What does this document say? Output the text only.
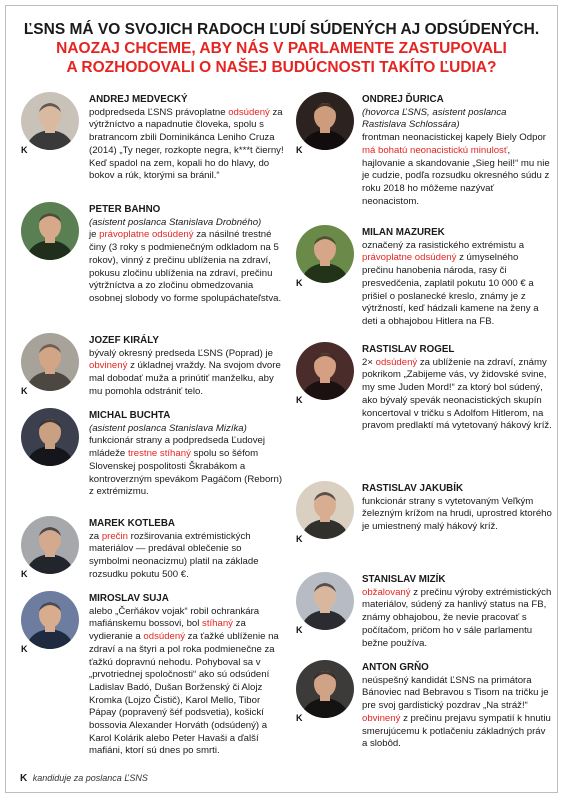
ĽSNS MÁ VO SVOJICH RADOCH ĽUDÍ SÚDENÝCH AJ ODSÚDENÝCH.
NAOZAJ CHCEME, ABY NÁS V PARLAMENTE ZASTUPOVALI
A ROZHODOVALI O NAŠEJ BUDÚCNOSTI TAKÍTO ĽUDIA?
K
ANDREJ MEDVECKÝ
podpredseda ĽSNS právoplatne odsúdený za výtržníctvo a napadnutie človeka, spolu s bratrancom zbili Dominikánca Leniho Cruza (2014) „Ty neger, rozkopte negra, k***t čierny! Keď spadol na zem, kopali ho do hlavy, do bokov a rúk, ktorými sa bránil.“
PETER BAHNO
(asistent poslanca Stanislava Drobného)
je právoplatne odsúdený za násilné trestné činy (3 roky s podmienečným odkladom na 5 rokov), vinný z prečinu ublíženia na zdraví, pokusu zločinu ublíženia na zdraví, prečinu výtržníctva a zo zločinu obmedzovania osobnej slobody vo forme spolupáchateľstva.
K
JOZEF KIRÁLY
bývalý okresný predseda ĽSNS (Poprad) je obvinený z úkladnej vraždy. Na svojom dvore mal dobodať muža a prinútiť manželku, aby mu pomohla odstrániť telo.
MICHAL BUCHTA
(asistent poslanca Stanislava Mizíka)
funkcionár strany a podpredseda Ľudovej mládeže trestne stíhaný spolu so šéfom Slovenskej pospolitosti Škrabákom a kontroverzným spevákom Pagáčom (Reborn) z extrémizmu.
K
MAREK KOTLEBA
za prečin rozširovania extrémistických materiálov — predával oblečenie so symbolmi neonacizmu) platil na základe rozsudku pokutu 500 €.
K
MIROSLAV SUJA
alebo „Čerňákov vojak“ robil ochrankára mafiánskemu bossovi, bol stíhaný za vydieranie a odsúdený za ťažké ublíženie na zdraví a na štyri a pol roka podmienečne za ťažkú dopravnú nehodu. Pohyboval sa v „prvotriednej spoločnosti“ ako sú odsúdení Ladislav Badó, Dušan Borženský či Alojz Kromka (Lojzo Čistič), Karol Mello, Tibor Pápay (popravený šéf podsvetia), košickí bossovia Alexander Horváth (odsúdený) a Karol Kolárik alebo Peter Havaši a ďalší mafiáni, ktorí sú dnes po smrti.
K
ONDREJ ĎURICA
(hovorca ĽSNS, asistent poslanca Rastislava Schlossára)
frontman neonacistickej kapely Biely Odpor má bohatú neonacistickú minulosť, hajlovanie a skandovanie „Sieg heil!“ mu nie je cudzie, podľa rozsudku okresného súdu z roku 2018 ho môžeme nazývať neonacistom.
K
MILAN MAZUREK
označený za rasistického extrémistu a právoplatne odsúdený z úmyselného prečinu hanobenia národa, rasy či presvedčenia, zaplatil pokutu 10 000 € a prišiel o poslanecké kreslo, známy je z výtržností, keď hádzali kamene na ženy a deti a obhajobou Hitlera na FB.
K
RASTISLAV ROGEL
2× odsúdený za ublíženie na zdraví, známy pokrikom „Zabijeme vás, vy židovské svine, my sme Juden Mord!“ za ktorý bol súdený, ako bývalý spevák neonacistických skupín koncertoval v tričku s Adolfom Hitlerom, na pravom predlaktí má vytetovaný hákový kríž.
K
RASTISLAV JAKUBÍK
funkcionár strany s vytetovaným Veľkým železným krížom na hrudi, uprostred ktorého je umiestnený malý hákový kríž.
K
STANISLAV MIZÍK
obžalovaný z prečinu výroby extrémistických materiálov, súdený za hanlivý status na FB, známy obhajobou, že nevie pracovať s počítačom, pričom ho v sále parlamentu bežne používa.
K
ANTON GRŇO
neúspešný kandidát ĽSNS na primátora Bánoviec nad Bebravou s Tisom na tričku je pre svoj gardistický pozdrav „Na stráž!“ obvinený z prečinu prejavu sympatií k hnutiu smerujúcemu k potlačeniu základných práv a slobôd.
K kandiduje za poslanca ĽSNS
